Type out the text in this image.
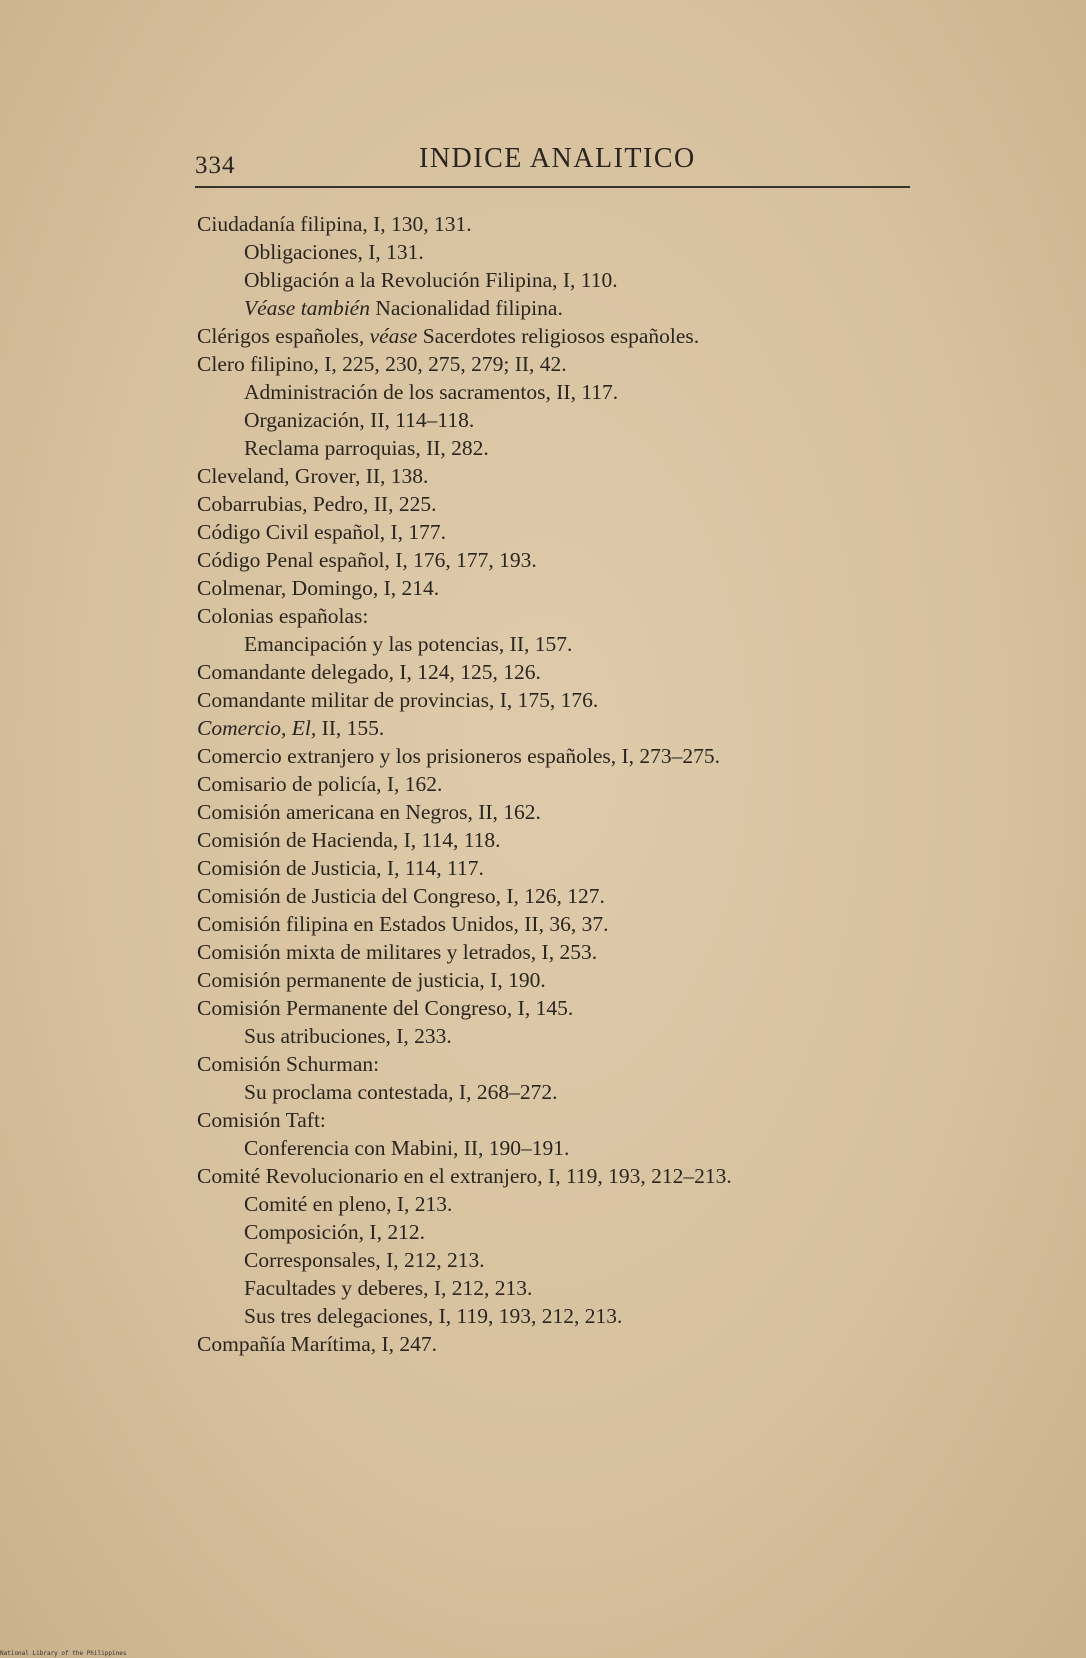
334	INDICE ANALITICO
Ciudadanía filipina, I, 130, 131.
Obligaciones, I, 131.
Obligación a la Revolución Filipina, I, 110.
Véase también Nacionalidad filipina.
Clérigos españoles, véase Sacerdotes religiosos españoles.
Clero filipino, I, 225, 230, 275, 279; II, 42.
Administración de los sacramentos, II, 117.
Organización, II, 114–118.
Reclama parroquias, II, 282.
Cleveland, Grover, II, 138.
Cobarrubias, Pedro, II, 225.
Código Civil español, I, 177.
Código Penal español, I, 176, 177, 193.
Colmenar, Domingo, I, 214.
Colonias españolas:
Emancipación y las potencias, II, 157.
Comandante delegado, I, 124, 125, 126.
Comandante militar de provincias, I, 175, 176.
Comercio, El, II, 155.
Comercio extranjero y los prisioneros españoles, I, 273–275.
Comisario de policía, I, 162.
Comisión americana en Negros, II, 162.
Comisión de Hacienda, I, 114, 118.
Comisión de Justicia, I, 114, 117.
Comisión de Justicia del Congreso, I, 126, 127.
Comisión filipina en Estados Unidos, II, 36, 37.
Comisión mixta de militares y letrados, I, 253.
Comisión permanente de justicia, I, 190.
Comisión Permanente del Congreso, I, 145.
Sus atribuciones, I, 233.
Comisión Schurman:
Su proclama contestada, I, 268–272.
Comisión Taft:
Conferencia con Mabini, II, 190–191.
Comité Revolucionario en el extranjero, I, 119, 193, 212–213.
Comité en pleno, I, 213.
Composición, I, 212.
Corresponsales, I, 212, 213.
Facultades y deberes, I, 212, 213.
Sus tres delegaciones, I, 119, 193, 212, 213.
Compañía Marítima, I, 247.
National Library of the Philippines
